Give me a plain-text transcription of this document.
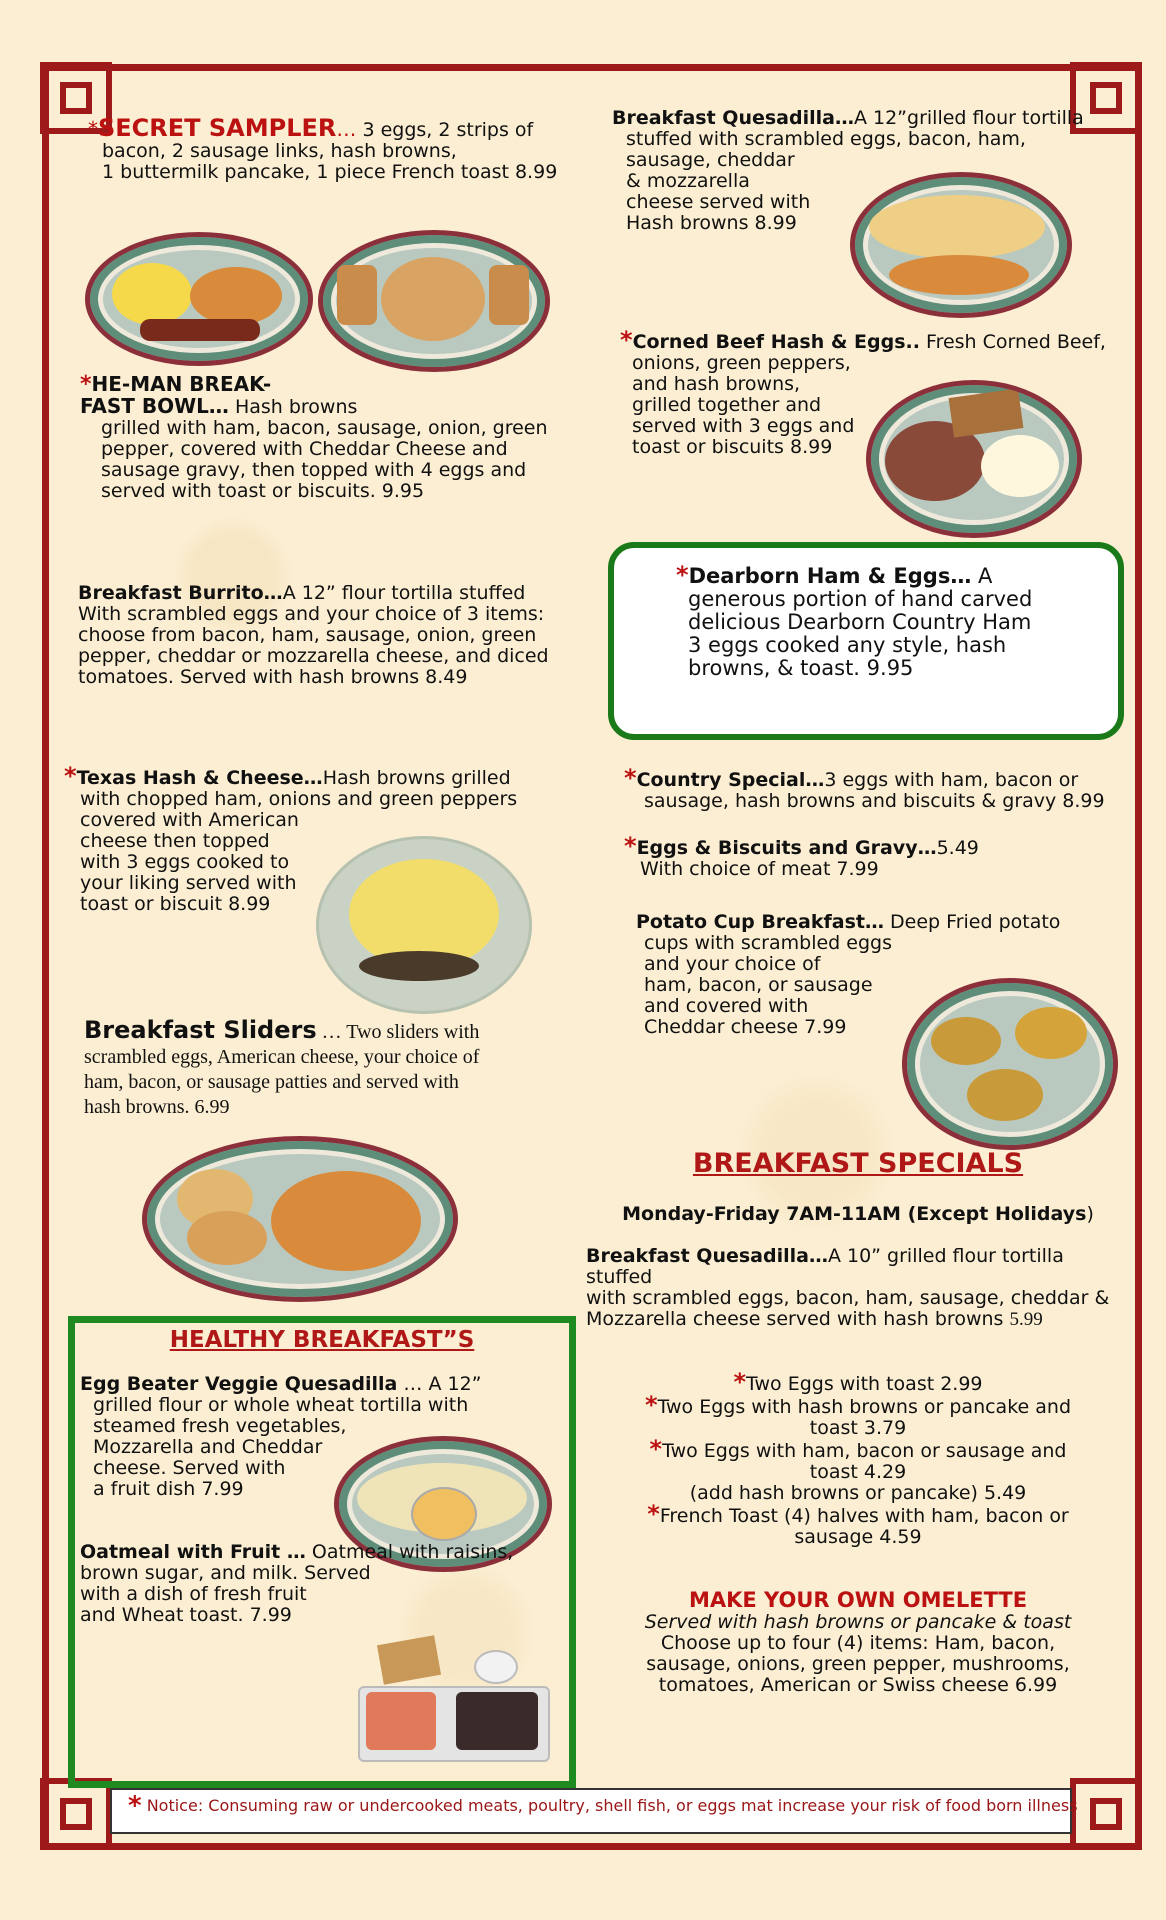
*SECRET SAMPLER… 3 eggs, 2 strips of
bacon, 2 sausage links, hash browns,
1 buttermilk pancake, 1 piece French toast 8.99
*HE-MAN BREAK-
FAST BOWL… Hash browns
grilled with ham, bacon, sausage, onion, green
pepper, covered with Cheddar Cheese and
sausage gravy, then topped with 4 eggs and
served with toast or biscuits. 9.95
Breakfast Burrito…A 12” flour tortilla stuffed
With scrambled eggs and your choice of 3 items:
choose from bacon, ham, sausage, onion, green
pepper, cheddar or mozzarella cheese, and diced
tomatoes. Served with hash browns 8.49
*Texas Hash & Cheese…Hash browns grilled
with chopped ham, onions and green peppers
covered with American
cheese then topped
with 3 eggs cooked to
your liking served with
toast or biscuit 8.99
Breakfast Sliders … Two sliders with
scrambled eggs, American cheese, your choice of
ham, bacon, or sausage patties and served with
hash browns. 6.99
HEALTHY BREAKFAST”S
Egg Beater Veggie Quesadilla … A 12”
grilled flour or whole wheat tortilla with
steamed fresh vegetables,
Mozzarella and Cheddar
cheese. Served with
a fruit dish 7.99
Oatmeal with Fruit … Oatmeal with raisins,
brown sugar, and milk. Served
with a dish of fresh fruit
and Wheat toast. 7.99
Breakfast Quesadilla…A 12”grilled flour tortilla
stuffed with scrambled eggs, bacon, ham,
sausage, cheddar
& mozzarella
cheese served with
Hash browns 8.99
*Corned Beef Hash & Eggs.. Fresh Corned Beef,
onions, green peppers,
and hash browns,
grilled together and
served with 3 eggs and
toast or biscuits 8.99
*Dearborn Ham & Eggs… A
generous portion of hand carved
delicious Dearborn Country Ham
3 eggs cooked any style, hash
browns, & toast. 9.95
*Country Special…3 eggs with ham, bacon or
sausage, hash browns and biscuits & gravy 8.99
*Eggs & Biscuits and Gravy…5.49
With choice of meat 7.99
Potato Cup Breakfast… Deep Fried potato
cups with scrambled eggs
and your choice of
ham, bacon, or sausage
and covered with
Cheddar cheese 7.99
BREAKFAST SPECIALS
Monday-Friday 7AM-11AM (Except Holidays)
Breakfast Quesadilla…A 10” grilled flour tortilla stuffed
with scrambled eggs, bacon, ham, sausage, cheddar &
Mozzarella cheese served with hash browns 5.99
*Two Eggs with toast 2.99
*Two Eggs with hash browns or pancake and
toast 3.79
*Two Eggs with ham, bacon or sausage and
toast 4.29
(add hash browns or pancake) 5.49
*French Toast (4) halves with ham, bacon or
sausage 4.59
MAKE YOUR OWN OMELETTE
Served with hash browns or pancake & toast
Choose up to four (4) items: Ham, bacon,
sausage, onions, green pepper, mushrooms,
tomatoes, American or Swiss cheese 6.99
* Notice: Consuming raw or undercooked meats, poultry, shell fish, or eggs mat increase your risk of food born illness
